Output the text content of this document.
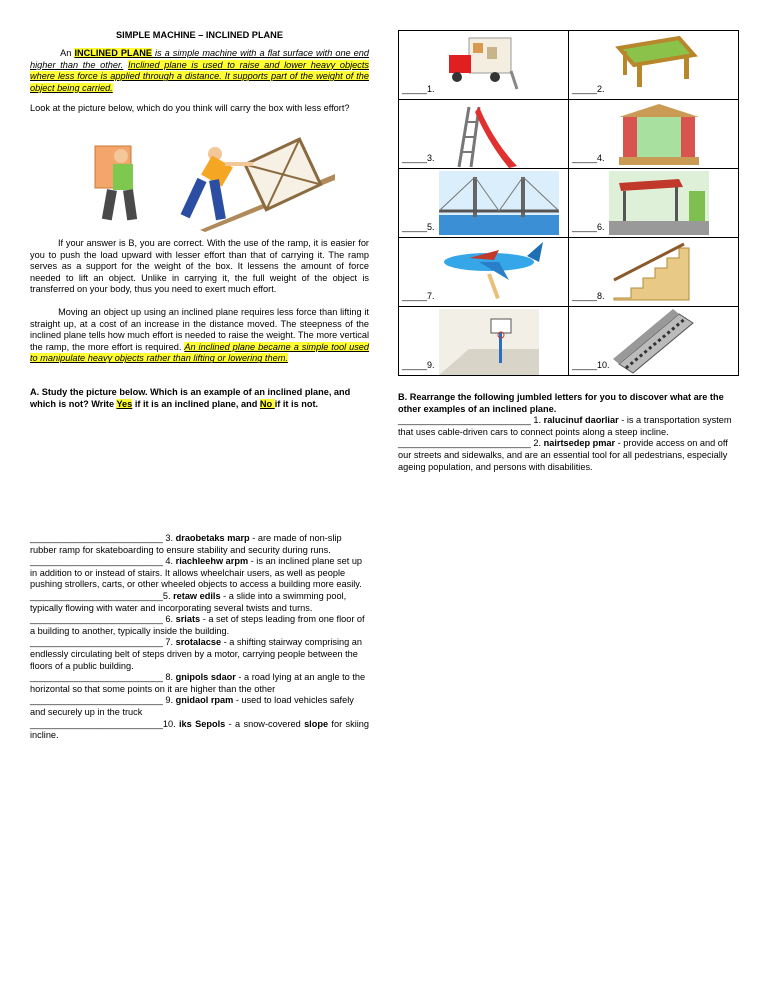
SIMPLE MACHINE – INCLINED PLANE

An INCLINED PLANE is a simple machine with a flat surface with one end higher than the other. Inclined plane is used to raise and lower heavy objects where less force is applied through a distance. It supports part of the weight of the object being carried.

Look at the picture below, which do you think will carry the box with less effort?

If your answer is B, you are correct. With the use of the ramp, it is easier for you to push the load upward with lesser effort than that of carrying it. The ramp serves as a support for the weight of the box. It lessens the amount of force needed to lift an object. Unlike in carrying it, the full weight of the object is transferred on your body, thus you need to exert much effort.

Moving an object up using an inclined plane requires less force than lifting it straight up, at a cost of an increase in the distance moved. The steepness of the inclined plane tells how much effort is needed to raise the weight. The more vertical the ramp, the more effort is required. An inclined plane became a simple tool used to manipulate heavy objects rather than lifting or lowering them.

A. Study the picture below. Which is an example of an inclined plane, and which is not? Write Yes if it is an inclined plane, and No if it is not.

_____1.	_____2.

_____3.	_____4.

_____5.	_____6.

_____7.	_____8.

_____9.	_____10.

B. Rearrange the following jumbled letters for you to discover what are the other examples of an inclined plane.

__________________________ 1. ralucinuf daorliar - is a transportation system that uses cable-driven cars to connect points along a steep incline.

__________________________ 2. nairtsedep pmar - provide access on and off our streets and sidewalks, and are an essential tool for all pedestrians, especially ageing population, and persons with disabilities.

__________________________ 3. draobetaks marp - are made of non-slip rubber ramp for skateboarding to ensure stability and security during runs.

__________________________ 4. riachleehw arpm - is an inclined plane set up in addition to or instead of stairs. It allows wheelchair users, as well as people pushing strollers, carts, or other wheeled objects to access a building more easily.

__________________________5. retaw edils - a slide into a swimming pool, typically flowing with water and incorporating several twists and turns.

__________________________ 6. sriats - a set of steps leading from one floor of a building to another, typically inside the building.

__________________________ 7. srotalacse - a shifting stairway comprising an endlessly circulating belt of steps driven by a motor, carrying people between the floors of a public building.

__________________________ 8. gnipols sdaor - a road lying at an angle to the horizontal so that some points on it are higher than the other

__________________________ 9. gnidaol rpam - used to load vehicles safely and securely up in the truck

__________________________10. iks Sepols - a snow-covered slope for skiing incline.
